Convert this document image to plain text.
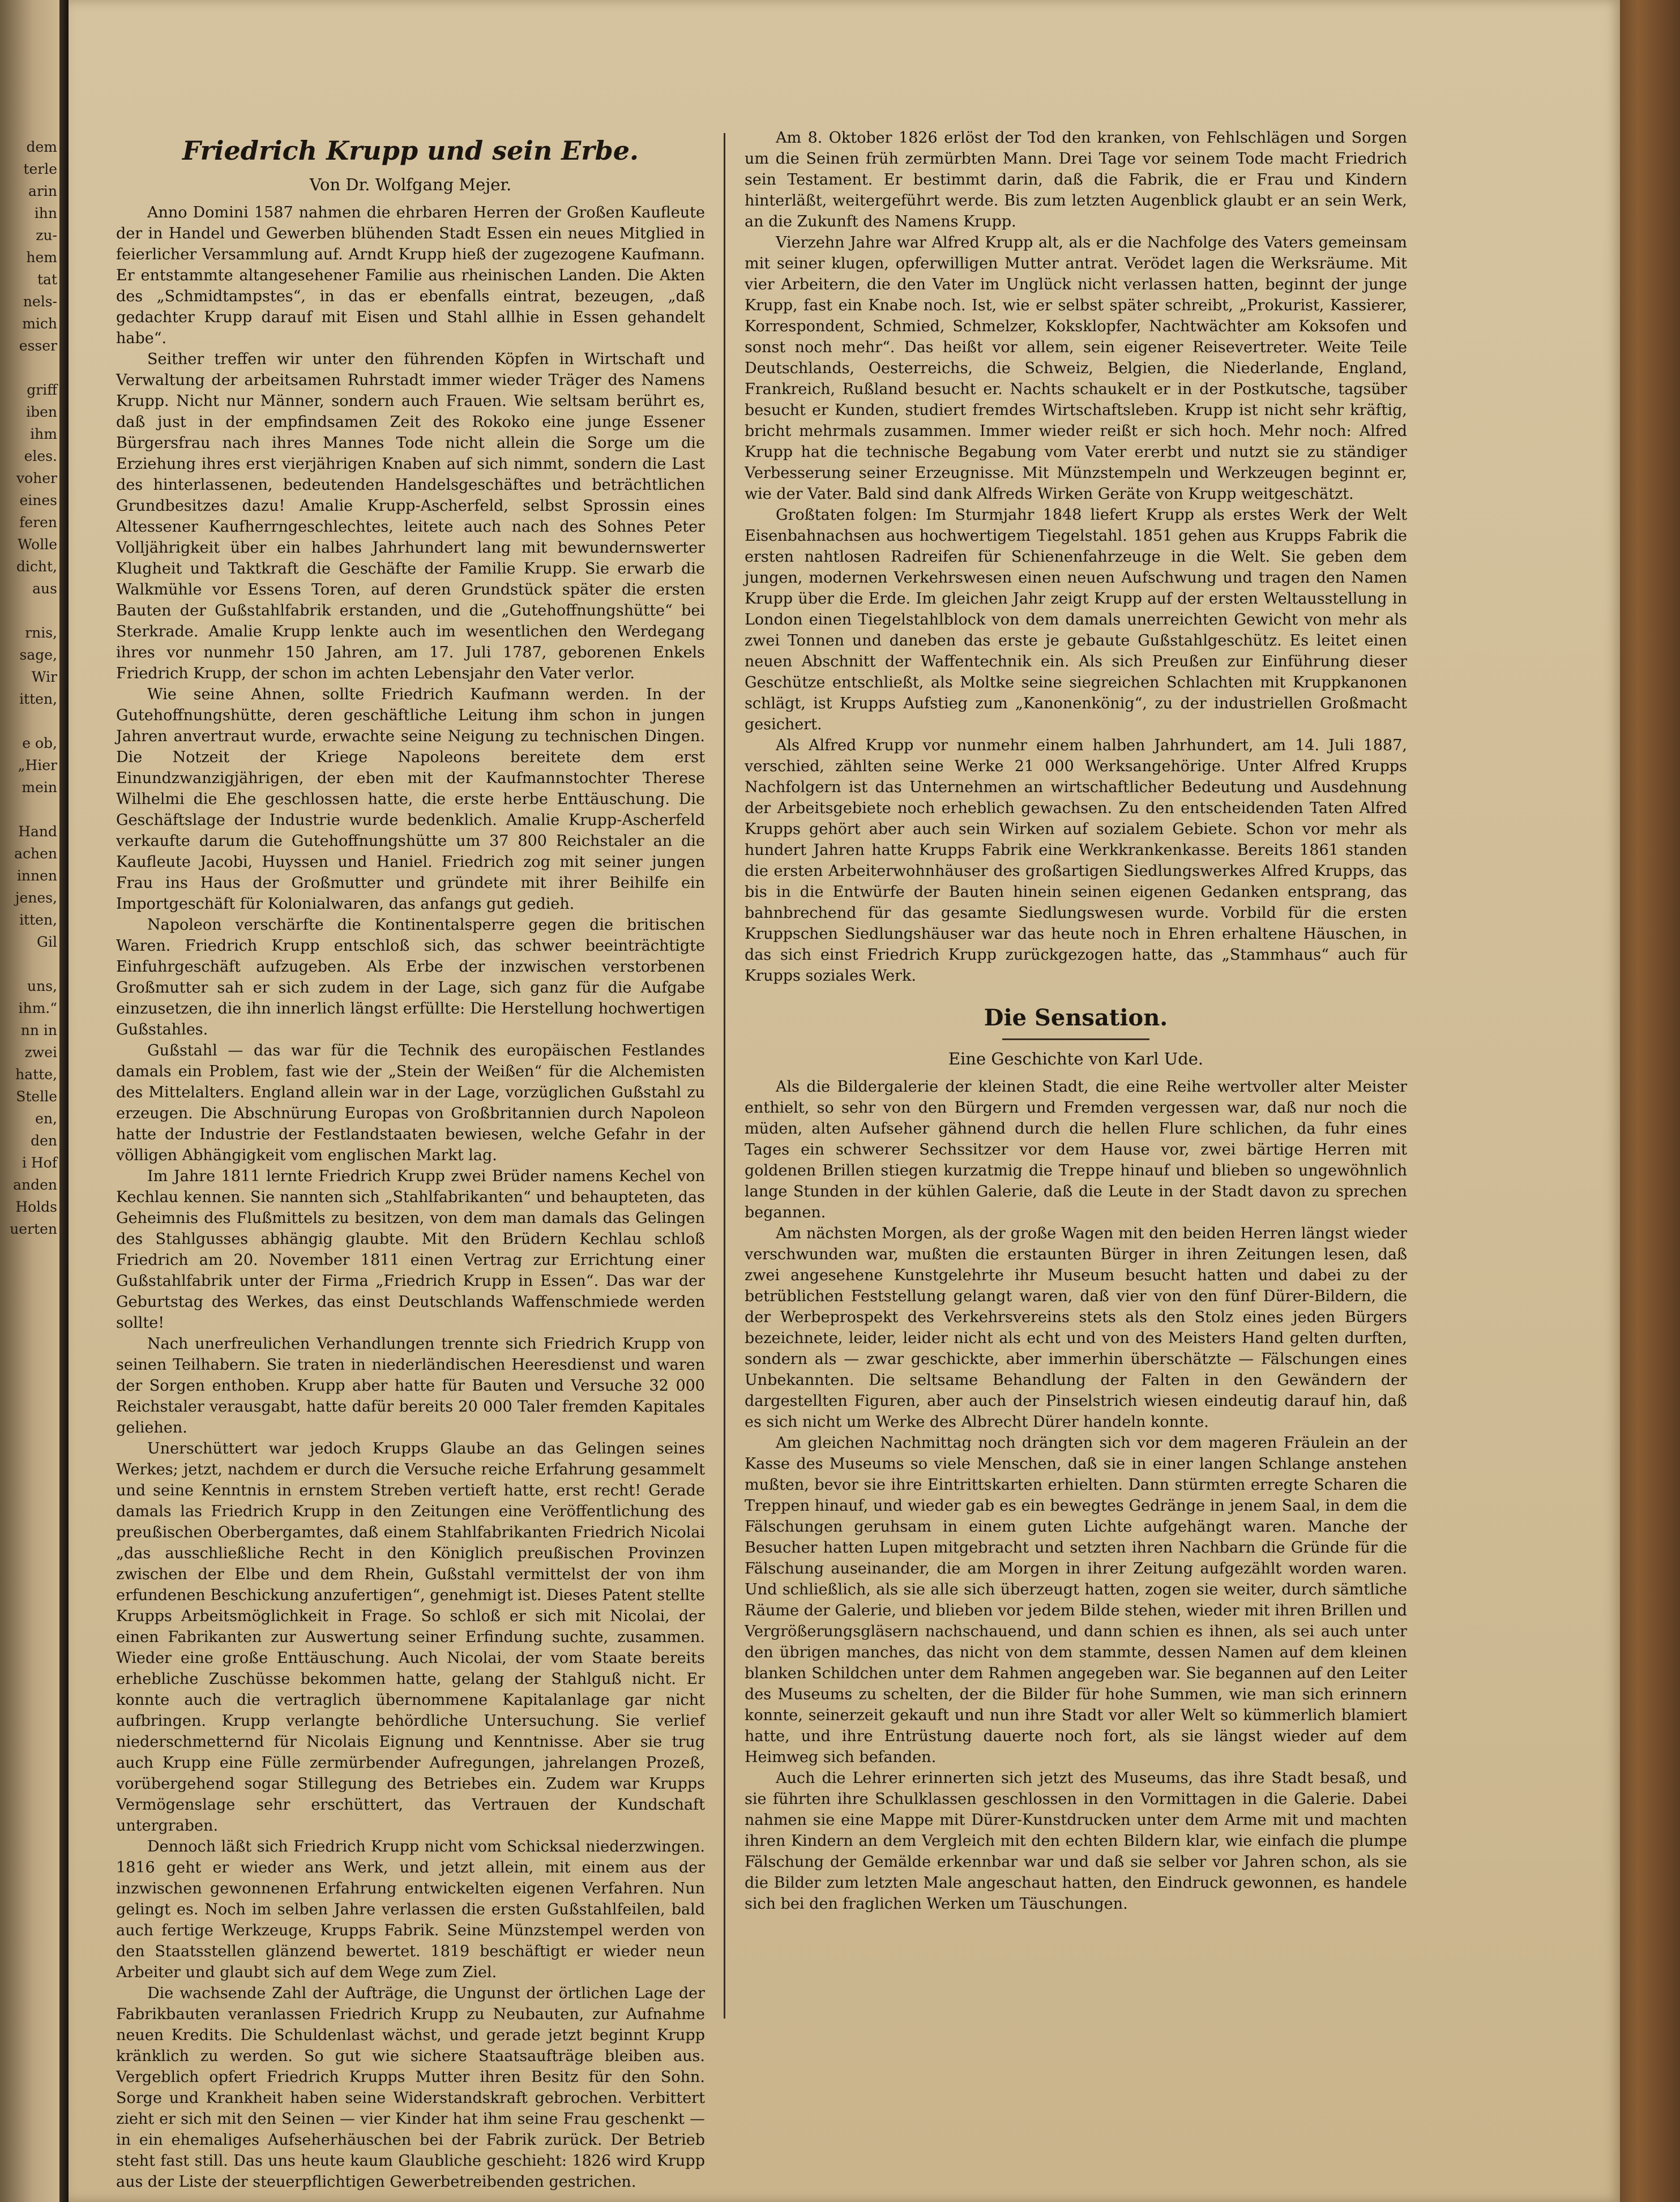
dem
terle
arin
ihn
zu-
hem
tat
nels-
mich
esser

griff
iben
ihm
eles.
voher
eines
feren
Wolle
dicht,
aus

rnis,
sage,
Wir
itten,

e ob,
„Hier
mein

Hand
achen
innen
jenes,
itten,
Gil

uns,
ihm.“
nn in
zwei
hatte,
Stelle
en,
den
i Hof
anden
Holds
uerten
Friedrich Krupp und sein Erbe.
Von Dr. Wolfgang Mejer.

Anno Domini 1587 nahmen die ehrbaren Herren der Großen Kaufleute der in Handel und Gewerben blühenden Stadt Essen ein neues Mitglied in feierlicher Versammlung auf. Arndt Krupp hieß der zugezogene Kaufmann. Er entstammte altangesehener Familie aus rheinischen Landen. Die Akten des „Schmidtampstes“, in das er ebenfalls eintrat, bezeugen, „daß gedachter Krupp darauf mit Eisen und Stahl allhie in Essen gehandelt habe“.

Seither treffen wir unter den führenden Köpfen in Wirtschaft und Verwaltung der arbeitsamen Ruhrstadt immer wieder Träger des Namens Krupp. Nicht nur Männer, sondern auch Frauen. Wie seltsam berührt es, daß just in der empfindsamen Zeit des Rokoko eine junge Essener Bürgersfrau nach ihres Mannes Tode nicht allein die Sorge um die Erziehung ihres erst vierjährigen Knaben auf sich nimmt, sondern die Last des hinterlassenen, bedeutenden Handelsgeschäftes und beträchtlichen Grundbesitzes dazu! Amalie Krupp-Ascherfeld, selbst Sprossin eines Altessener Kaufherrngeschlechtes, leitete auch nach des Sohnes Peter Volljährigkeit über ein halbes Jahrhundert lang mit bewundernswerter Klugheit und Taktkraft die Geschäfte der Familie Krupp. Sie erwarb die Walkmühle vor Essens Toren, auf deren Grundstück später die ersten Bauten der Gußstahlfabrik erstanden, und die „Gutehoffnungshütte“ bei Sterkrade. Amalie Krupp lenkte auch im wesentlichen den Werdegang ihres vor nunmehr 150 Jahren, am 17. Juli 1787, geborenen Enkels Friedrich Krupp, der schon im achten Lebensjahr den Vater verlor.

Wie seine Ahnen, sollte Friedrich Kaufmann werden. In der Gutehoffnungshütte, deren geschäftliche Leitung ihm schon in jungen Jahren anvertraut wurde, erwachte seine Neigung zu technischen Dingen. Die Notzeit der Kriege Napoleons bereitete dem erst Einundzwanzigjährigen, der eben mit der Kaufmannstochter Therese Wilhelmi die Ehe geschlossen hatte, die erste herbe Enttäuschung. Die Geschäftslage der Industrie wurde bedenklich. Amalie Krupp-Ascherfeld verkaufte darum die Gutehoffnungshütte um 37 800 Reichstaler an die Kaufleute Jacobi, Huyssen und Haniel. Friedrich zog mit seiner jungen Frau ins Haus der Großmutter und gründete mit ihrer Beihilfe ein Importgeschäft für Kolonialwaren, das anfangs gut gedieh.

Napoleon verschärfte die Kontinentalsperre gegen die britischen Waren. Friedrich Krupp entschloß sich, das schwer beeinträchtigte Einfuhrgeschäft aufzugeben. Als Erbe der inzwischen verstorbenen Großmutter sah er sich zudem in der Lage, sich ganz für die Aufgabe einzusetzen, die ihn innerlich längst erfüllte: Die Herstellung hochwertigen Gußstahles.

Gußstahl — das war für die Technik des europäischen Festlandes damals ein Problem, fast wie der „Stein der Weißen“ für die Alchemisten des Mittelalters. England allein war in der Lage, vorzüglichen Gußstahl zu erzeugen. Die Abschnürung Europas von Großbritannien durch Napoleon hatte der Industrie der Festlandstaaten bewiesen, welche Gefahr in der völligen Abhängigkeit vom englischen Markt lag.

Im Jahre 1811 lernte Friedrich Krupp zwei Brüder namens Kechel von Kechlau kennen. Sie nannten sich „Stahlfabrikanten“ und behaupteten, das Geheimnis des Flußmittels zu besitzen, von dem man damals das Gelingen des Stahlgusses abhängig glaubte. Mit den Brüdern Kechlau schloß Friedrich am 20. November 1811 einen Vertrag zur Errichtung einer Gußstahlfabrik unter der Firma „Friedrich Krupp in Essen“. Das war der Geburtstag des Werkes, das einst Deutschlands Waffenschmiede werden sollte!

Nach unerfreulichen Verhandlungen trennte sich Friedrich Krupp von seinen Teilhabern. Sie traten in niederländischen Heeresdienst und waren der Sorgen enthoben. Krupp aber hatte für Bauten und Versuche 32 000 Reichstaler verausgabt, hatte dafür bereits 20 000 Taler fremden Kapitales geliehen.

Unerschüttert war jedoch Krupps Glaube an das Gelingen seines Werkes; jetzt, nachdem er durch die Versuche reiche Erfahrung gesammelt und seine Kenntnis in ernstem Streben vertieft hatte, erst recht! Gerade damals las Friedrich Krupp in den Zeitungen eine Veröffentlichung des preußischen Oberbergamtes, daß einem Stahlfabrikanten Friedrich Nicolai „das ausschließliche Recht in den Königlich preußischen Provinzen zwischen der Elbe und dem Rhein, Gußstahl vermittelst der von ihm erfundenen Beschickung anzufertigen“, genehmigt ist. Dieses Patent stellte Krupps Arbeitsmöglichkeit in Frage. So schloß er sich mit Nicolai, der einen Fabrikanten zur Auswertung seiner Erfindung suchte, zusammen. Wieder eine große Enttäuschung. Auch Nicolai, der vom Staate bereits erhebliche Zuschüsse bekommen hatte, gelang der Stahlguß nicht. Er konnte auch die vertraglich übernommene Kapitalanlage gar nicht aufbringen. Krupp verlangte behördliche Untersuchung. Sie verlief niederschmetternd für Nicolais Eignung und Kenntnisse. Aber sie trug auch Krupp eine Fülle zermürbender Aufregungen, jahrelangen Prozeß, vorübergehend sogar Stillegung des Betriebes ein. Zudem war Krupps Vermögenslage sehr erschüttert, das Vertrauen der Kundschaft untergraben.

Dennoch läßt sich Friedrich Krupp nicht vom Schicksal niederzwingen. 1816 geht er wieder ans Werk, und jetzt allein, mit einem aus der inzwischen gewonnenen Erfahrung entwickelten eigenen Verfahren. Nun gelingt es. Noch im selben Jahre verlassen die ersten Gußstahlfeilen, bald auch fertige Werkzeuge, Krupps Fabrik. Seine Münzstempel werden von den Staatsstellen glänzend bewertet. 1819 beschäftigt er wieder neun Arbeiter und glaubt sich auf dem Wege zum Ziel.

Die wachsende Zahl der Aufträge, die Ungunst der örtlichen Lage der Fabrikbauten veranlassen Friedrich Krupp zu Neubauten, zur Aufnahme neuen Kredits. Die Schuldenlast wächst, und gerade jetzt beginnt Krupp kränklich zu werden. So gut wie sichere Staatsaufträge bleiben aus. Vergeblich opfert Friedrich Krupps Mutter ihren Besitz für den Sohn. Sorge und Krankheit haben seine Widerstandskraft gebrochen. Verbittert zieht er sich mit den Seinen — vier Kinder hat ihm seine Frau geschenkt — in ein ehemaliges Aufseherhäuschen bei der Fabrik zurück. Der Betrieb steht fast still. Das uns heute kaum Glaubliche geschieht: 1826 wird Krupp aus der Liste der steuerpflichtigen Gewerbetreibenden gestrichen.

Am 8. Oktober 1826 erlöst der Tod den kranken, von Fehlschlägen und Sorgen um die Seinen früh zermürbten Mann. Drei Tage vor seinem Tode macht Friedrich sein Testament. Er bestimmt darin, daß die Fabrik, die er Frau und Kindern hinterläßt, weitergeführt werde. Bis zum letzten Augenblick glaubt er an sein Werk, an die Zukunft des Namens Krupp.

Vierzehn Jahre war Alfred Krupp alt, als er die Nachfolge des Vaters gemeinsam mit seiner klugen, opferwilligen Mutter antrat. Verödet lagen die Werksräume. Mit vier Arbeitern, die den Vater im Unglück nicht verlassen hatten, beginnt der junge Krupp, fast ein Knabe noch. Ist, wie er selbst später schreibt, „Prokurist, Kassierer, Korrespondent, Schmied, Schmelzer, Koksklopfer, Nachtwächter am Koksofen und sonst noch mehr“. Das heißt vor allem, sein eigener Reisevertreter. Weite Teile Deutschlands, Oesterreichs, die Schweiz, Belgien, die Niederlande, England, Frankreich, Rußland besucht er. Nachts schaukelt er in der Postkutsche, tagsüber besucht er Kunden, studiert fremdes Wirtschaftsleben. Krupp ist nicht sehr kräftig, bricht mehrmals zusammen. Immer wieder reißt er sich hoch. Mehr noch: Alfred Krupp hat die technische Begabung vom Vater ererbt und nutzt sie zu ständiger Verbesserung seiner Erzeugnisse. Mit Münzstempeln und Werkzeugen beginnt er, wie der Vater. Bald sind dank Alfreds Wirken Geräte von Krupp weitgeschätzt.

Großtaten folgen: Im Sturmjahr 1848 liefert Krupp als erstes Werk der Welt Eisenbahnachsen aus hochwertigem Tiegelstahl. 1851 gehen aus Krupps Fabrik die ersten nahtlosen Radreifen für Schienenfahrzeuge in die Welt. Sie geben dem jungen, modernen Verkehrswesen einen neuen Aufschwung und tragen den Namen Krupp über die Erde. Im gleichen Jahr zeigt Krupp auf der ersten Weltausstellung in London einen Tiegelstahlblock von dem damals unerreichten Gewicht von mehr als zwei Tonnen und daneben das erste je gebaute Gußstahlgeschütz. Es leitet einen neuen Abschnitt der Waffentechnik ein. Als sich Preußen zur Einführung dieser Geschütze entschließt, als Moltke seine siegreichen Schlachten mit Kruppkanonen schlägt, ist Krupps Aufstieg zum „Kanonenkönig“, zu der industriellen Großmacht gesichert.

Als Alfred Krupp vor nunmehr einem halben Jahrhundert, am 14. Juli 1887, verschied, zählten seine Werke 21 000 Werksangehörige. Unter Alfred Krupps Nachfolgern ist das Unternehmen an wirtschaftlicher Bedeutung und Ausdehnung der Arbeitsgebiete noch erheblich gewachsen. Zu den entscheidenden Taten Alfred Krupps gehört aber auch sein Wirken auf sozialem Gebiete. Schon vor mehr als hundert Jahren hatte Krupps Fabrik eine Werkkrankenkasse. Bereits 1861 standen die ersten Arbeiterwohnhäuser des großartigen Siedlungswerkes Alfred Krupps, das bis in die Entwürfe der Bauten hinein seinen eigenen Gedanken entsprang, das bahnbrechend für das gesamte Siedlungswesen wurde. Vorbild für die ersten Kruppschen Siedlungshäuser war das heute noch in Ehren erhaltene Häuschen, in das sich einst Friedrich Krupp zurückgezogen hatte, das „Stammhaus“ auch für Krupps soziales Werk.

Die Sensation.
Eine Geschichte von Karl Ude.

Als die Bildergalerie der kleinen Stadt, die eine Reihe wertvoller alter Meister enthielt, so sehr von den Bürgern und Fremden vergessen war, daß nur noch die müden, alten Aufseher gähnend durch die hellen Flure schlichen, da fuhr eines Tages ein schwerer Sechssitzer vor dem Hause vor, zwei bärtige Herren mit goldenen Brillen stiegen kurzatmig die Treppe hinauf und blieben so ungewöhnlich lange Stunden in der kühlen Galerie, daß die Leute in der Stadt davon zu sprechen begannen.

Am nächsten Morgen, als der große Wagen mit den beiden Herren längst wieder verschwunden war, mußten die erstaunten Bürger in ihren Zeitungen lesen, daß zwei angesehene Kunstgelehrte ihr Museum besucht hatten und dabei zu der betrüblichen Feststellung gelangt waren, daß vier von den fünf Dürer-Bildern, die der Werbeprospekt des Verkehrsvereins stets als den Stolz eines jeden Bürgers bezeichnete, leider, leider nicht als echt und von des Meisters Hand gelten durften, sondern als — zwar geschickte, aber immerhin überschätzte — Fälschungen eines Unbekannten. Die seltsame Behandlung der Falten in den Gewändern der dargestellten Figuren, aber auch der Pinselstrich wiesen eindeutig darauf hin, daß es sich nicht um Werke des Albrecht Dürer handeln konnte.

Am gleichen Nachmittag noch drängten sich vor dem mageren Fräulein an der Kasse des Museums so viele Menschen, daß sie in einer langen Schlange anstehen mußten, bevor sie ihre Eintrittskarten erhielten. Dann stürmten erregte Scharen die Treppen hinauf, und wieder gab es ein bewegtes Gedränge in jenem Saal, in dem die Fälschungen geruhsam in einem guten Lichte aufgehängt waren. Manche der Besucher hatten Lupen mitgebracht und setzten ihren Nachbarn die Gründe für die Fälschung auseinander, die am Morgen in ihrer Zeitung aufgezählt worden waren. Und schließlich, als sie alle sich überzeugt hatten, zogen sie weiter, durch sämtliche Räume der Galerie, und blieben vor jedem Bilde stehen, wieder mit ihren Brillen und Vergrößerungsgläsern nachschauend, und dann schien es ihnen, als sei auch unter den übrigen manches, das nicht von dem stammte, dessen Namen auf dem kleinen blanken Schildchen unter dem Rahmen angegeben war. Sie begannen auf den Leiter des Museums zu schelten, der die Bilder für hohe Summen, wie man sich erinnern konnte, seinerzeit gekauft und nun ihre Stadt vor aller Welt so kümmerlich blamiert hatte, und ihre Entrüstung dauerte noch fort, als sie längst wieder auf dem Heimweg sich befanden.

Auch die Lehrer erinnerten sich jetzt des Museums, das ihre Stadt besaß, und sie führten ihre Schulklassen geschlossen in den Vormittagen in die Galerie. Dabei nahmen sie eine Mappe mit Dürer-Kunstdrucken unter dem Arme mit und machten ihren Kindern an dem Vergleich mit den echten Bildern klar, wie einfach die plumpe Fälschung der Gemälde erkennbar war und daß sie selber vor Jahren schon, als sie die Bilder zum letzten Male angeschaut hatten, den Eindruck gewonnen, es handele sich bei den fraglichen Werken um Täuschungen.
